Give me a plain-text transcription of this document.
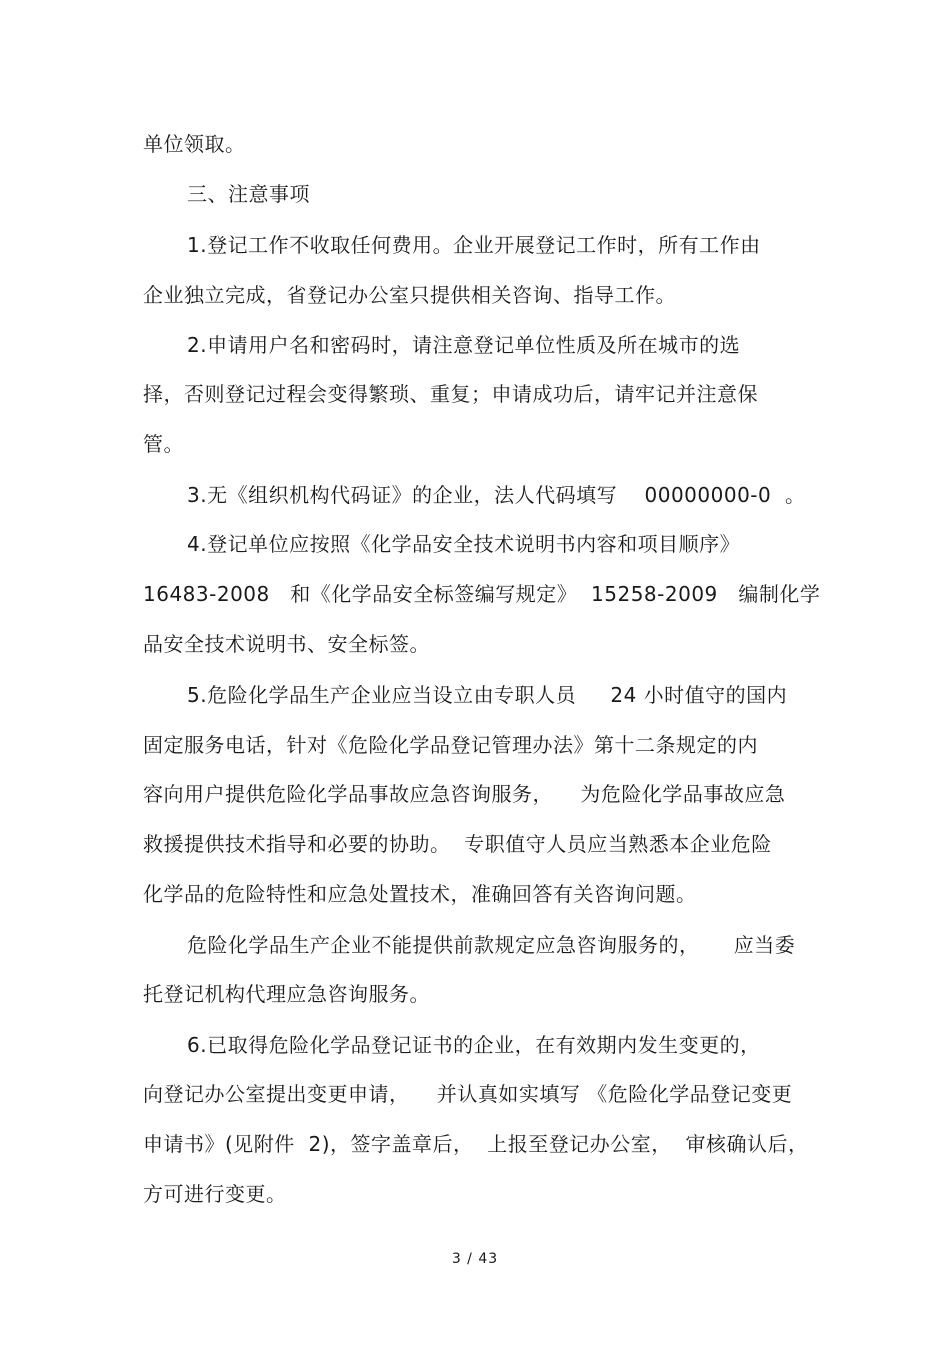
单位领取。
三、注意事项
1.登记工作不收取任何费用。企业开展登记工作时，所有工作由
企业独立完成，省登记办公室只提供相关咨询、指导工作。
2.申请用户名和密码时，请注意登记单位性质及所在城市的选
择，否则登记过程会变得繁琐、重复；申请成功后，请牢记并注意保
管。
3.无《组织机构代码证》的企业，法人代码填写    00000000-0  。
4.登记单位应按照《化学品安全技术说明书内容和项目顺序》
16483-2008   和《化学品安全标签编写规定》  15258-2009   编制化学
品安全技术说明书、安全标签。
5.危险化学品生产企业应当设立由专职人员     24 小时值守的国内
固定服务电话，针对《危险化学品登记管理办法》第十二条规定的内
容向用户提供危险化学品事故应急咨询服务，    为危险化学品事故应急
救援提供技术指导和必要的协助。  专职值守人员应当熟悉本企业危险
化学品的危险特性和应急处置技术，准确回答有关咨询问题。
危险化学品生产企业不能提供前款规定应急咨询服务的，     应当委
托登记机构代理应急咨询服务。
6.已取得危险化学品登记证书的企业，在有效期内发生变更的，
向登记办公室提出变更申请，    并认真如实填写 《危险化学品登记变更
申请书》(见附件  2)，签字盖章后，  上报至登记办公室，  审核确认后，
方可进行变更。
3 / 43
